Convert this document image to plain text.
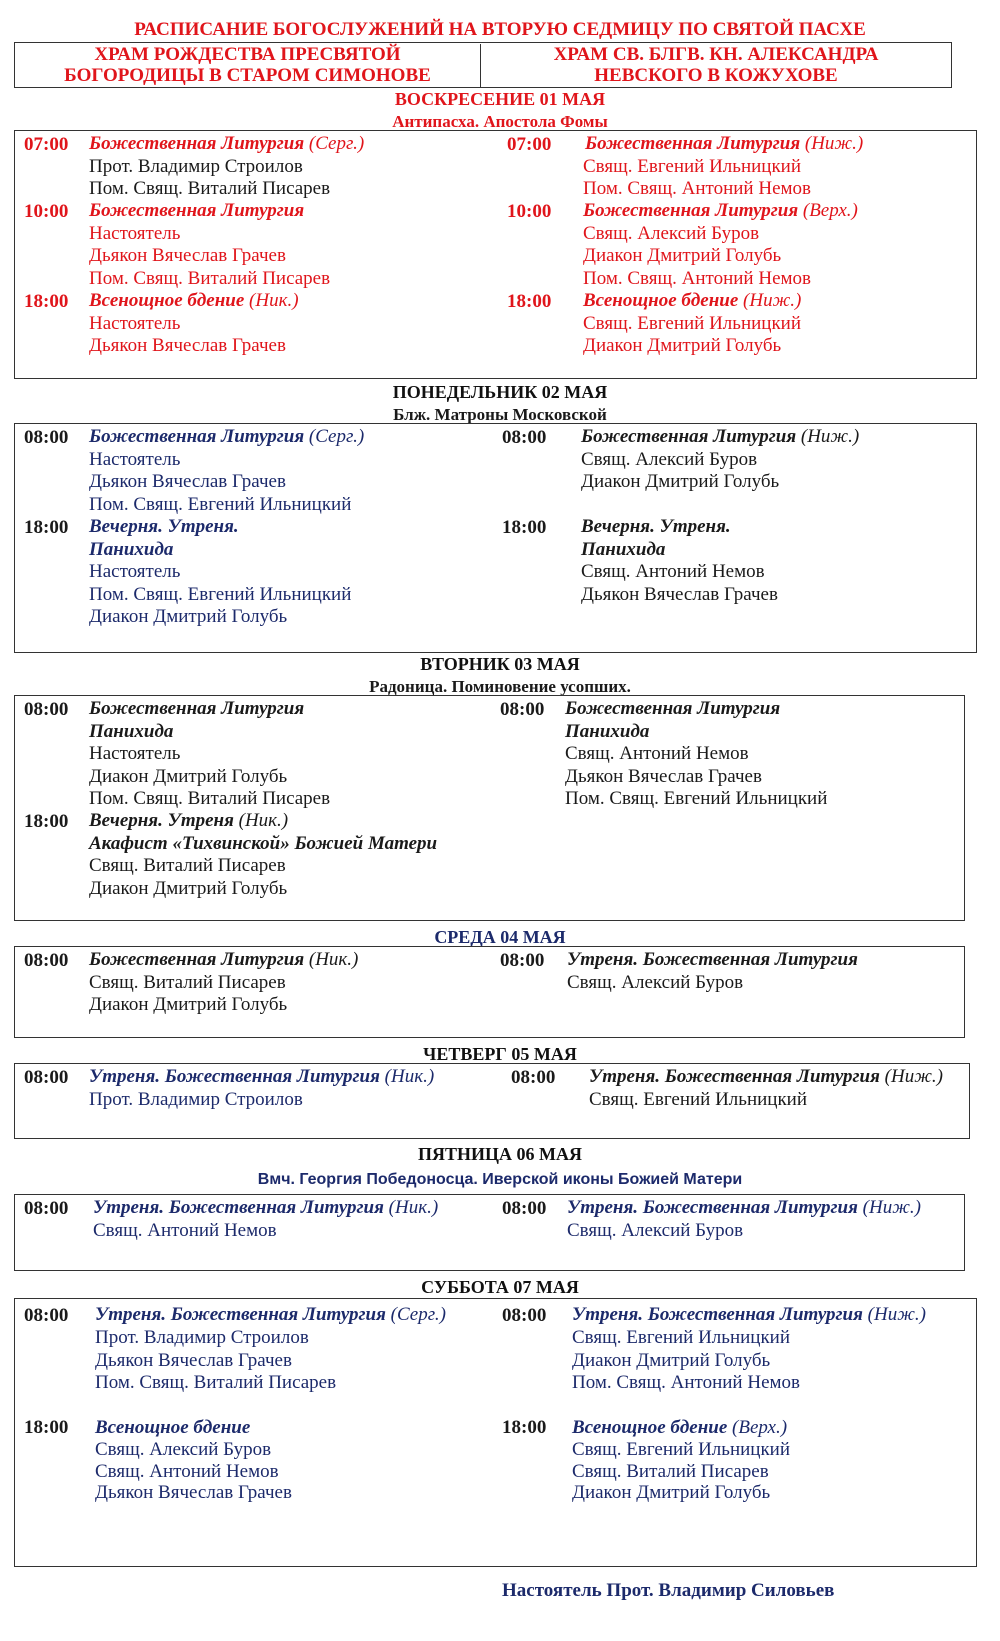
РАСПИСАНИЕ БОГОСЛУЖЕНИЙ НА ВТОРУЮ СЕДМИЦУ ПО СВЯТОЙ ПАСХЕ
ХРАМ РОЖДЕСТВА ПРЕСВЯТОЙ
БОГОРОДИЦЫ В СТАРОМ СИМОНОВЕ
ХРАМ СВ. БЛГВ. КН. АЛЕКСАНДРА
НЕВСКОГО В КОЖУХОВЕ
ВОСКРЕСЕНИЕ 01 МАЯ
Антипасха. Апостола Фомы
07:00 Божественная Литургия (Серг.)
Прот. Владимир Строилов
Пом. Свящ. Виталий Писарев
10:00 Божественная Литургия
Настоятель
Дьякон Вячеслав Грачев
Пом. Свящ. Виталий Писарев
18:00 Всенощное бдение (Ник.)
Настоятель
Дьякон Вячеслав Грачев
07:00 Божественная Литургия (Ниж.)
Свящ. Евгений Ильницкий
Пом. Свящ. Антоний Немов
10:00 Божественная Литургия (Верх.)
Свящ. Алексий Буров
Диакон Дмитрий Голубь
Пом. Свящ. Антоний Немов
18:00 Всенощное бдение (Ниж.)
Свящ. Евгений Ильницкий
Диакон Дмитрий Голубь
ПОНЕДЕЛЬНИК 02 МАЯ
Блж. Матроны Московской
08:00 Божественная Литургия (Серг.)
Настоятель
Дьякон Вячеслав Грачев
Пом. Свящ. Евгений Ильницкий
18:00 Вечерня. Утреня.
Панихида
Настоятель
Пом. Свящ. Евгений Ильницкий
Диакон Дмитрий Голубь
08:00 Божественная Литургия (Ниж.)
Свящ. Алексий Буров
Диакон Дмитрий Голубь
18:00 Вечерня. Утреня.
Панихида
Свящ. Антоний Немов
Дьякон Вячеслав Грачев
ВТОРНИК 03 МАЯ
Радоница. Поминовение усопших.
08:00 Божественная Литургия
Панихида
Настоятель
Диакон Дмитрий Голубь
Пом. Свящ. Виталий Писарев
18:00 Вечерня. Утреня (Ник.)
Акафист «Тихвинской» Божией Матери
Свящ. Виталий Писарев
Диакон Дмитрий Голубь
08:00 Божественная Литургия
Панихида
Свящ. Антоний Немов
Дьякон Вячеслав Грачев
Пом. Свящ. Евгений Ильницкий
СРЕДА 04 МАЯ
08:00 Божественная Литургия (Ник.)
Свящ. Виталий Писарев
Диакон Дмитрий Голубь
08:00 Утреня. Божественная Литургия
Свящ. Алексий Буров
ЧЕТВЕРГ 05 МАЯ
08:00 Утреня. Божественная Литургия (Ник.)
Прот. Владимир Строилов
08:00 Утреня. Божественная Литургия (Ниж.)
Свящ. Евгений Ильницкий
ПЯТНИЦА 06 МАЯ
Вмч. Георгия Победоносца. Иверской иконы Божией Матери
08:00 Утреня. Божественная Литургия (Ник.)
Свящ. Антоний Немов
08:00 Утреня. Божественная Литургия (Ниж.)
Свящ. Алексий Буров
СУББОТА 07 МАЯ
08:00 Утреня. Божественная Литургия (Серг.)
Прот. Владимир Строилов
Дьякон Вячеслав Грачев
Пом. Свящ. Виталий Писарев
18:00 Всенощное бдение
Свящ. Алексий Буров
Свящ. Антоний Немов
Дьякон Вячеслав Грачев
08:00 Утреня. Божественная Литургия (Ниж.)
Свящ. Евгений Ильницкий
Диакон Дмитрий Голубь
Пом. Свящ. Антоний Немов
18:00 Всенощное бдение (Верх.)
Свящ. Евгений Ильницкий
Свящ. Виталий Писарев
Диакон Дмитрий Голубь
Настоятель Прот. Владимир Силовьев
